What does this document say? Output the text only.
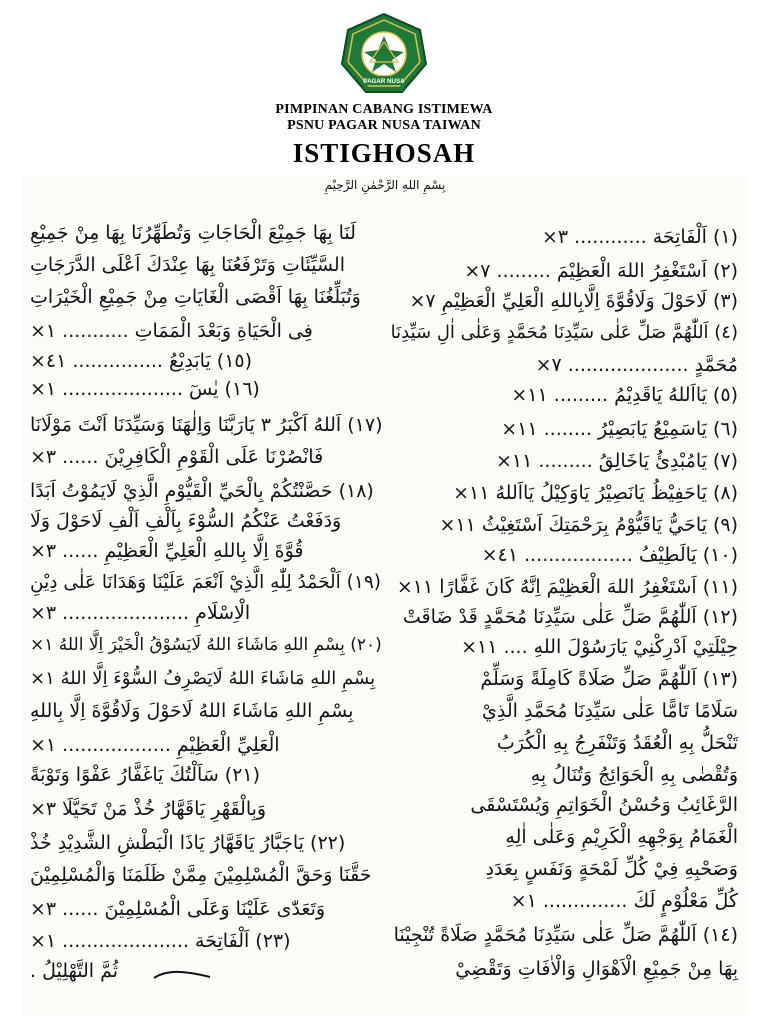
PAGAR NUSA
PIMPINAN CABANG ISTIMEWA
PSNU PAGAR NUSA TAIWAN
ISTIGHOSAH
بِسْمِ اللهِ الرَّحْمٰنِ الرَّحِيْمِ
(١) اَلْفَاتِحَة ............ ٣×
(٢) اَسْتَغْفِرُ اللهَ الْعَظِيْمَ ......... ٧×
(٣) لَاحَوْلَ وَلَاقُوَّةَ اِلَّابِاللهِ الْعَلِيِّ الْعَظِيْمِ ٧×
(٤) اَللّٰهُمَّ صَلِّ عَلٰى سَيِّدِنَا مُحَمَّدٍ وَعَلٰى اٰلِ سَيِّدِنَا
مُحَمَّدٍ .................... ٧×
(٥) يَااَللهُ يَاقَدِيْمُ ......... ١١×
(٦) يَاسَمِيْعُ يَابَصِيْرُ ........ ١١×
(٧) يَامُبْدِئُ يَاخَالِقُ ......... ١١×
(٨) يَاحَفِيْظُ يَانَصِيْرُ يَاوَكِيْلُ يَااَللهُ ١١×
(٩) يَاحَيُّ يَاقَيُّوْمُ بِرَحْمَتِكَ اَسْتَغِيْثُ ١١×
(١٠) يَالَطِيْفُ .................. ٤١×
(١١) اَسْتَغْفِرُ اللهَ الْعَظِيْمَ اِنَّهُ كَانَ غَفَّارًا ١١×
(١٢) اَللّٰهُمَّ صَلِّ عَلٰى سَيِّدِنَا مُحَمَّدٍ قَدْ ضَاقَتْ
حِيْلَتِيْ اَدْرِكْنِيْ يَارَسُوْلَ اللهِ .... ١١×
(١٣) اَللّٰهُمَّ صَلِّ صَلَاةً كَامِلَةً وَسَلِّمْ
سَلَامًا تَامًّا عَلٰى سَيِّدِنَا مُحَمَّدِ الَّذِيْ
تَنْحَلُّ بِهِ الْعُقَدُ وَتَنْفَرِجُ بِهِ الْكُرَبُ
وَتُقْضٰى بِهِ الْحَوَائِجُ وَتُنَالُ بِهِ
الرَّغَائِبُ وَحُسْنُ الْخَوَاتِمِ وَيُسْتَسْقَى
الْغَمَامُ بِوَجْهِهِ الْكَرِيْمِ وَعَلٰى اٰلِهِ
وَصَحْبِهِ فِيْ كُلِّ لَمْحَةٍ وَنَفَسٍ بِعَدَدِ
كُلِّ مَعْلُوْمٍ لَكَ .............. ١×
(١٤) اَللّٰهُمَّ صَلِّ عَلٰى سَيِّدِنَا مُحَمَّدٍ صَلَاةً تُنْجِيْنَا
بِهَا مِنْ جَمِيْعِ الْاَهْوَالِ وَالْاٰفَاتِ وَتَقْضِيْ
لَنَا بِهَا جَمِيْعَ الْحَاجَاتِ وَتُطَهِّرُنَا بِهَا مِنْ جَمِيْعِ
السَّيِّئَاتِ وَتَرْفَعُنَا بِهَا عِنْدَكَ اَعْلَى الدَّرَجَاتِ
وَتُبَلِّغُنَا بِهَا اَقْصَى الْغَايَاتِ مِنْ جَمِيْعِ الْخَيْرَاتِ
فِى الْحَيَاةِ وَبَعْدَ الْمَمَاتِ ........... ١×
(١٥) يَابَدِيْعُ ............... ٤١×
(١٦) يٰسٓ .................... ١×
(١٧) اَللهُ اَكْبَرُ ٣ يَارَبَّنَا وَاِلٰهَنَا وَسَيِّدَنَا اَنْتَ مَوْلَانَا
فَانْصُرْنَا عَلَى الْقَوْمِ الْكَافِرِيْنَ ...... ٣×
(١٨) حَصَّنْتُكُمْ بِالْحَيِّ الْقَيُّوْمِ الَّذِيْ لَايَمُوْتُ اَبَدًا
وَدَفَعْتُ عَنْكُمُ السُّوْءَ بِاَلْفِ اَلْفِ لَاحَوْلَ وَلَا
قُوَّةَ اِلَّا بِاللهِ الْعَلِيِّ الْعَظِيْمِ ...... ٣×
(١٩) اَلْحَمْدُ لِلّٰهِ الَّذِيْ اَنْعَمَ عَلَيْنَا وَهَدَانَا عَلٰى دِيْنِ
الْاِسْلَامِ ..................... ٣×
(٢٠) بِسْمِ اللهِ مَاشَاءَ اللهُ لَايَسُوْقُ الْخَيْرَ اِلَّا اللهُ ١×
بِسْمِ اللهِ مَاشَاءَ اللهُ لَايَصْرِفُ السُّوْءَ اِلَّا اللهُ ١×
بِسْمِ اللهِ مَاشَاءَ اللهُ لَاحَوْلَ وَلَاقُوَّةَ اِلَّا بِاللهِ
الْعَلِيِّ الْعَظِيْمِ .................. ١×
(٢١) سَاَلْتُكَ يَاغَفَّارُ عَفْوًا وَتَوْبَةً
وَبِالْقَهْرِ يَاقَهَّارُ خُذْ مَنْ تَحَيَّلَا ٣×
(٢٢) يَاجَبَّارُ يَاقَهَّارُ يَاذَا الْبَطْشِ الشَّدِيْدِ خُذْ
حَقَّنَا وَحَقَّ الْمُسْلِمِيْنَ مِمَّنْ ظَلَمَنَا وَالْمُسْلِمِيْنَ
وَتَعَدّٰى عَلَيْنَا وَعَلَى الْمُسْلِمِيْنَ ...... ٣×
(٢٣) اَلْفَاتِحَة ..................... ١×
ثُمَّ التَّهْلِيْلُ .
